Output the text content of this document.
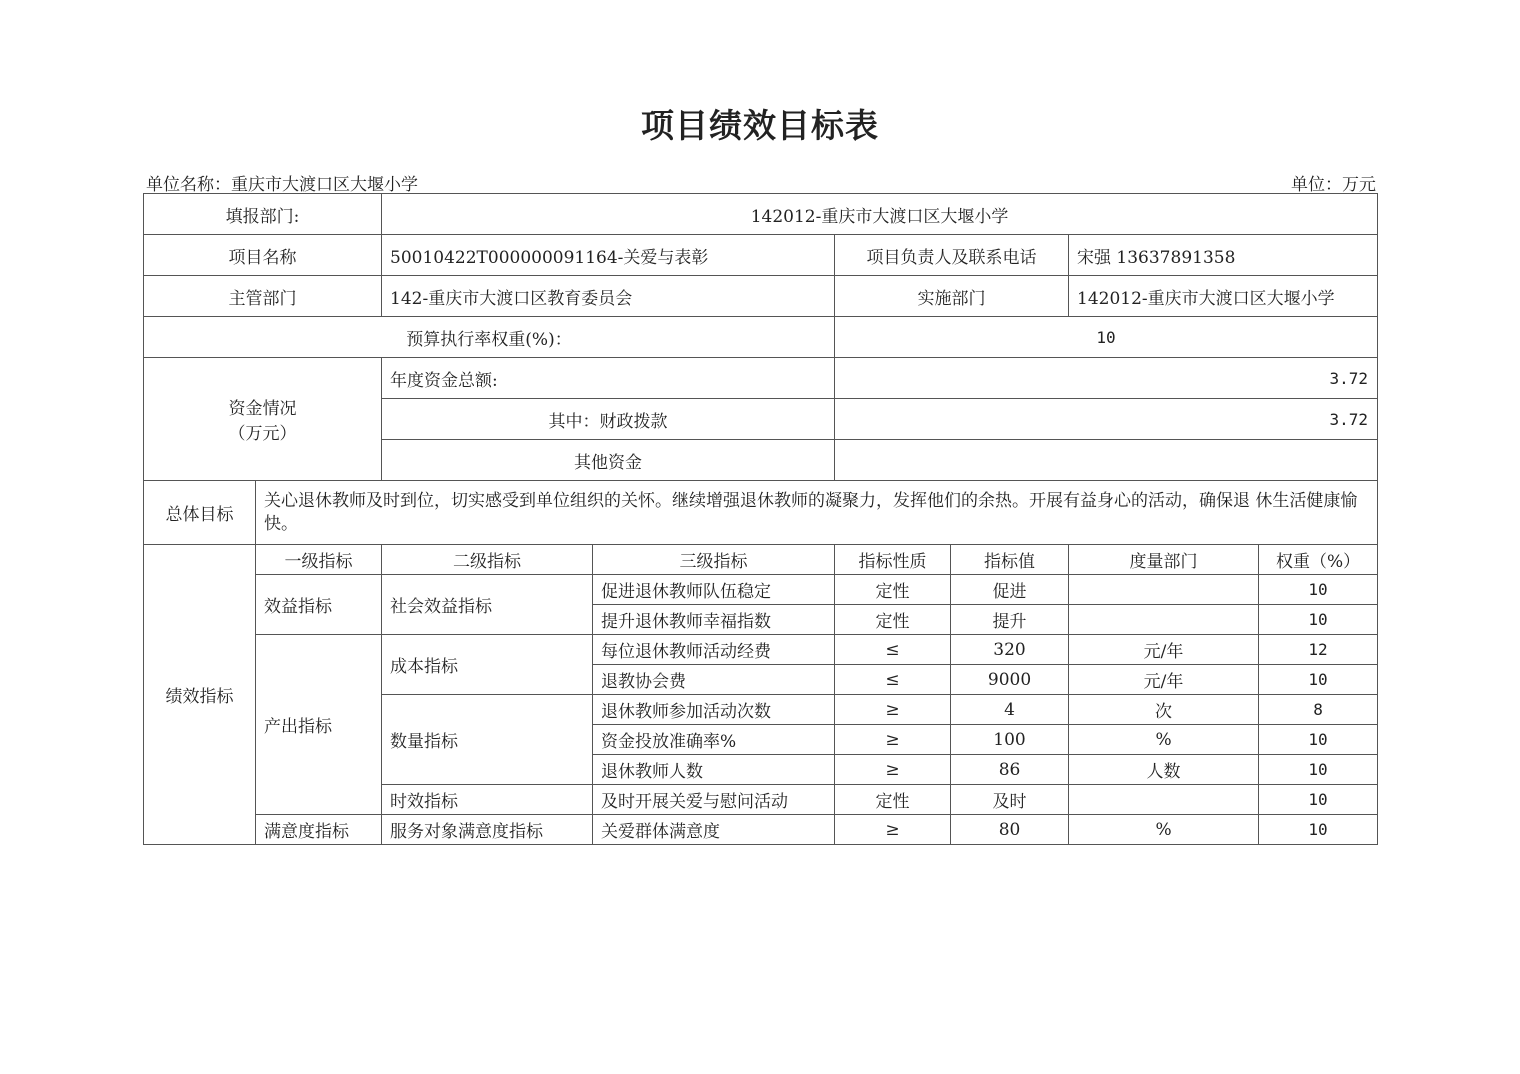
项目绩效目标表
单位名称：重庆市大渡口区大堰小学	单位：万元
填报部门:		142012-重庆市大渡口区大堰小学					
项目名称		50010422T000000091164-关爱与表彰		项目负责人及联系电话		宋强 13637891358	
主管部门		142-重庆市大渡口区教育委员会		实施部门		142012-重庆市大渡口区大堰小学	
预算执行率权重(%)：				10			

资金情况
（万元）		年度资金总额:		3.72			
		其中：财政拨款		3.72			
		其他资金					
总体目标	关心退休教师及时到位，切实感受到单位组织的关怀。继续增强退休教师的凝聚力，发挥他们的余热。开展有益身心的活动，确保退 休生活健康愉快。						
绩效指标	一级指标	二级指标	三级指标	指标性质	指标值	度量部门	权重（%）
	效益指标	社会效益指标	促进退休教师队伍稳定	定性	促进		10
			提升退休教师幸福指数	定性	提升		10
	产出指标	成本指标	每位退休教师活动经费	≤	320	元/年	12
			退教协会费	≤	9000	元/年	10
		数量指标	退休教师参加活动次数	≥	4	次	8
			资金投放准确率%	≥	100	%	10
			退休教师人数	≥	86	人数	10
		时效指标	及时开展关爱与慰问活动	定性	及时		10
	满意度指标	服务对象满意度指标	关爱群体满意度	≥	80	%	10
